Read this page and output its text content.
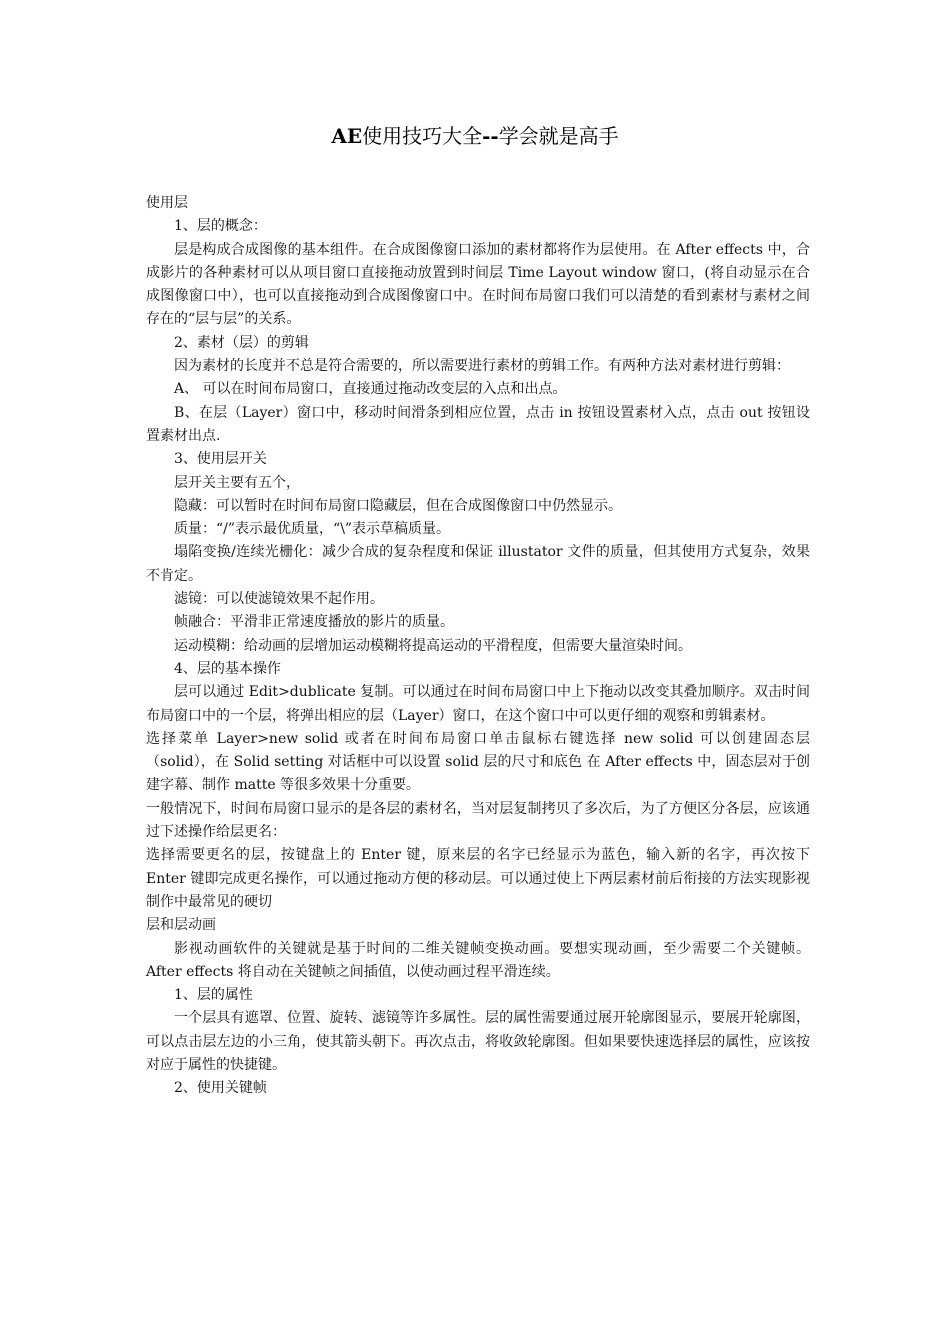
AE使用技巧大全--学会就是高手

使用层

1、层的概念：

层是构成合成图像的基本组件。在合成图像窗口添加的素材都将作为层使用。在 After effects 中，合成影片的各种素材可以从项目窗口直接拖动放置到时间层 Time Layout window 窗口，(将自动显示在合成图像窗口中），也可以直接拖动到合成图像窗口中。在时间布局窗口我们可以清楚的看到素材与素材之间存在的“层与层”的关系。

2、素材（层）的剪辑

因为素材的长度并不总是符合需要的，所以需要进行素材的剪辑工作。有两种方法对素材进行剪辑：

A、 可以在时间布局窗口，直接通过拖动改变层的入点和出点。

B、在层（Layer）窗口中，移动时间滑条到相应位置，点击 in 按钮设置素材入点，点击 out 按钮设置素材出点.

3、使用层开关

层开关主要有五个，

隐藏：可以暂时在时间布局窗口隐藏层，但在合成图像窗口中仍然显示。

质量：“/”表示最优质量，“\”表示草稿质量。

塌陷变换/连续光栅化：减少合成的复杂程度和保证 illustator 文件的质量，但其使用方式复杂，效果不肯定。

滤镜：可以使滤镜效果不起作用。

帧融合：平滑非正常速度播放的影片的质量。

运动模糊：给动画的层增加运动模糊将提高运动的平滑程度，但需要大量渲染时间。

4、层的基本操作

层可以通过 Edit>dublicate 复制。可以通过在时间布局窗口中上下拖动以改变其叠加顺序。双击时间布局窗口中的一个层，将弹出相应的层（Layer）窗口，在这个窗口中可以更仔细的观察和剪辑素材。

选择菜单 Layer>new solid 或者在时间布局窗口单击鼠标右键选择 new solid 可以创建固态层（solid），在 Solid setting 对话框中可以设置 solid 层的尺寸和底色 在 After effects 中，固态层对于创建字幕、制作 matte 等很多效果十分重要。

一般情况下，时间布局窗口显示的是各层的素材名，当对层复制拷贝了多次后，为了方便区分各层，应该通过下述操作给层更名：

选择需要更名的层，按键盘上的 Enter 键，原来层的名字已经显示为蓝色，输入新的名字，再次按下 Enter 键即完成更名操作，可以通过拖动方便的移动层。可以通过使上下两层素材前后衔接的方法实现影视制作中最常见的硬切

层和层动画

影视动画软件的关键就是基于时间的二维关键帧变换动画。要想实现动画，至少需要二个关键帧。After effects 将自动在关键帧之间插值，以使动画过程平滑连续。

1、层的属性

一个层具有遮罩、位置、旋转、滤镜等许多属性。层的属性需要通过展开轮廓图显示，要展开轮廓图，可以点击层左边的小三角，使其箭头朝下。再次点击，将收敛轮廓图。但如果要快速选择层的属性，应该按对应于属性的快捷键。

2、使用关键帧
